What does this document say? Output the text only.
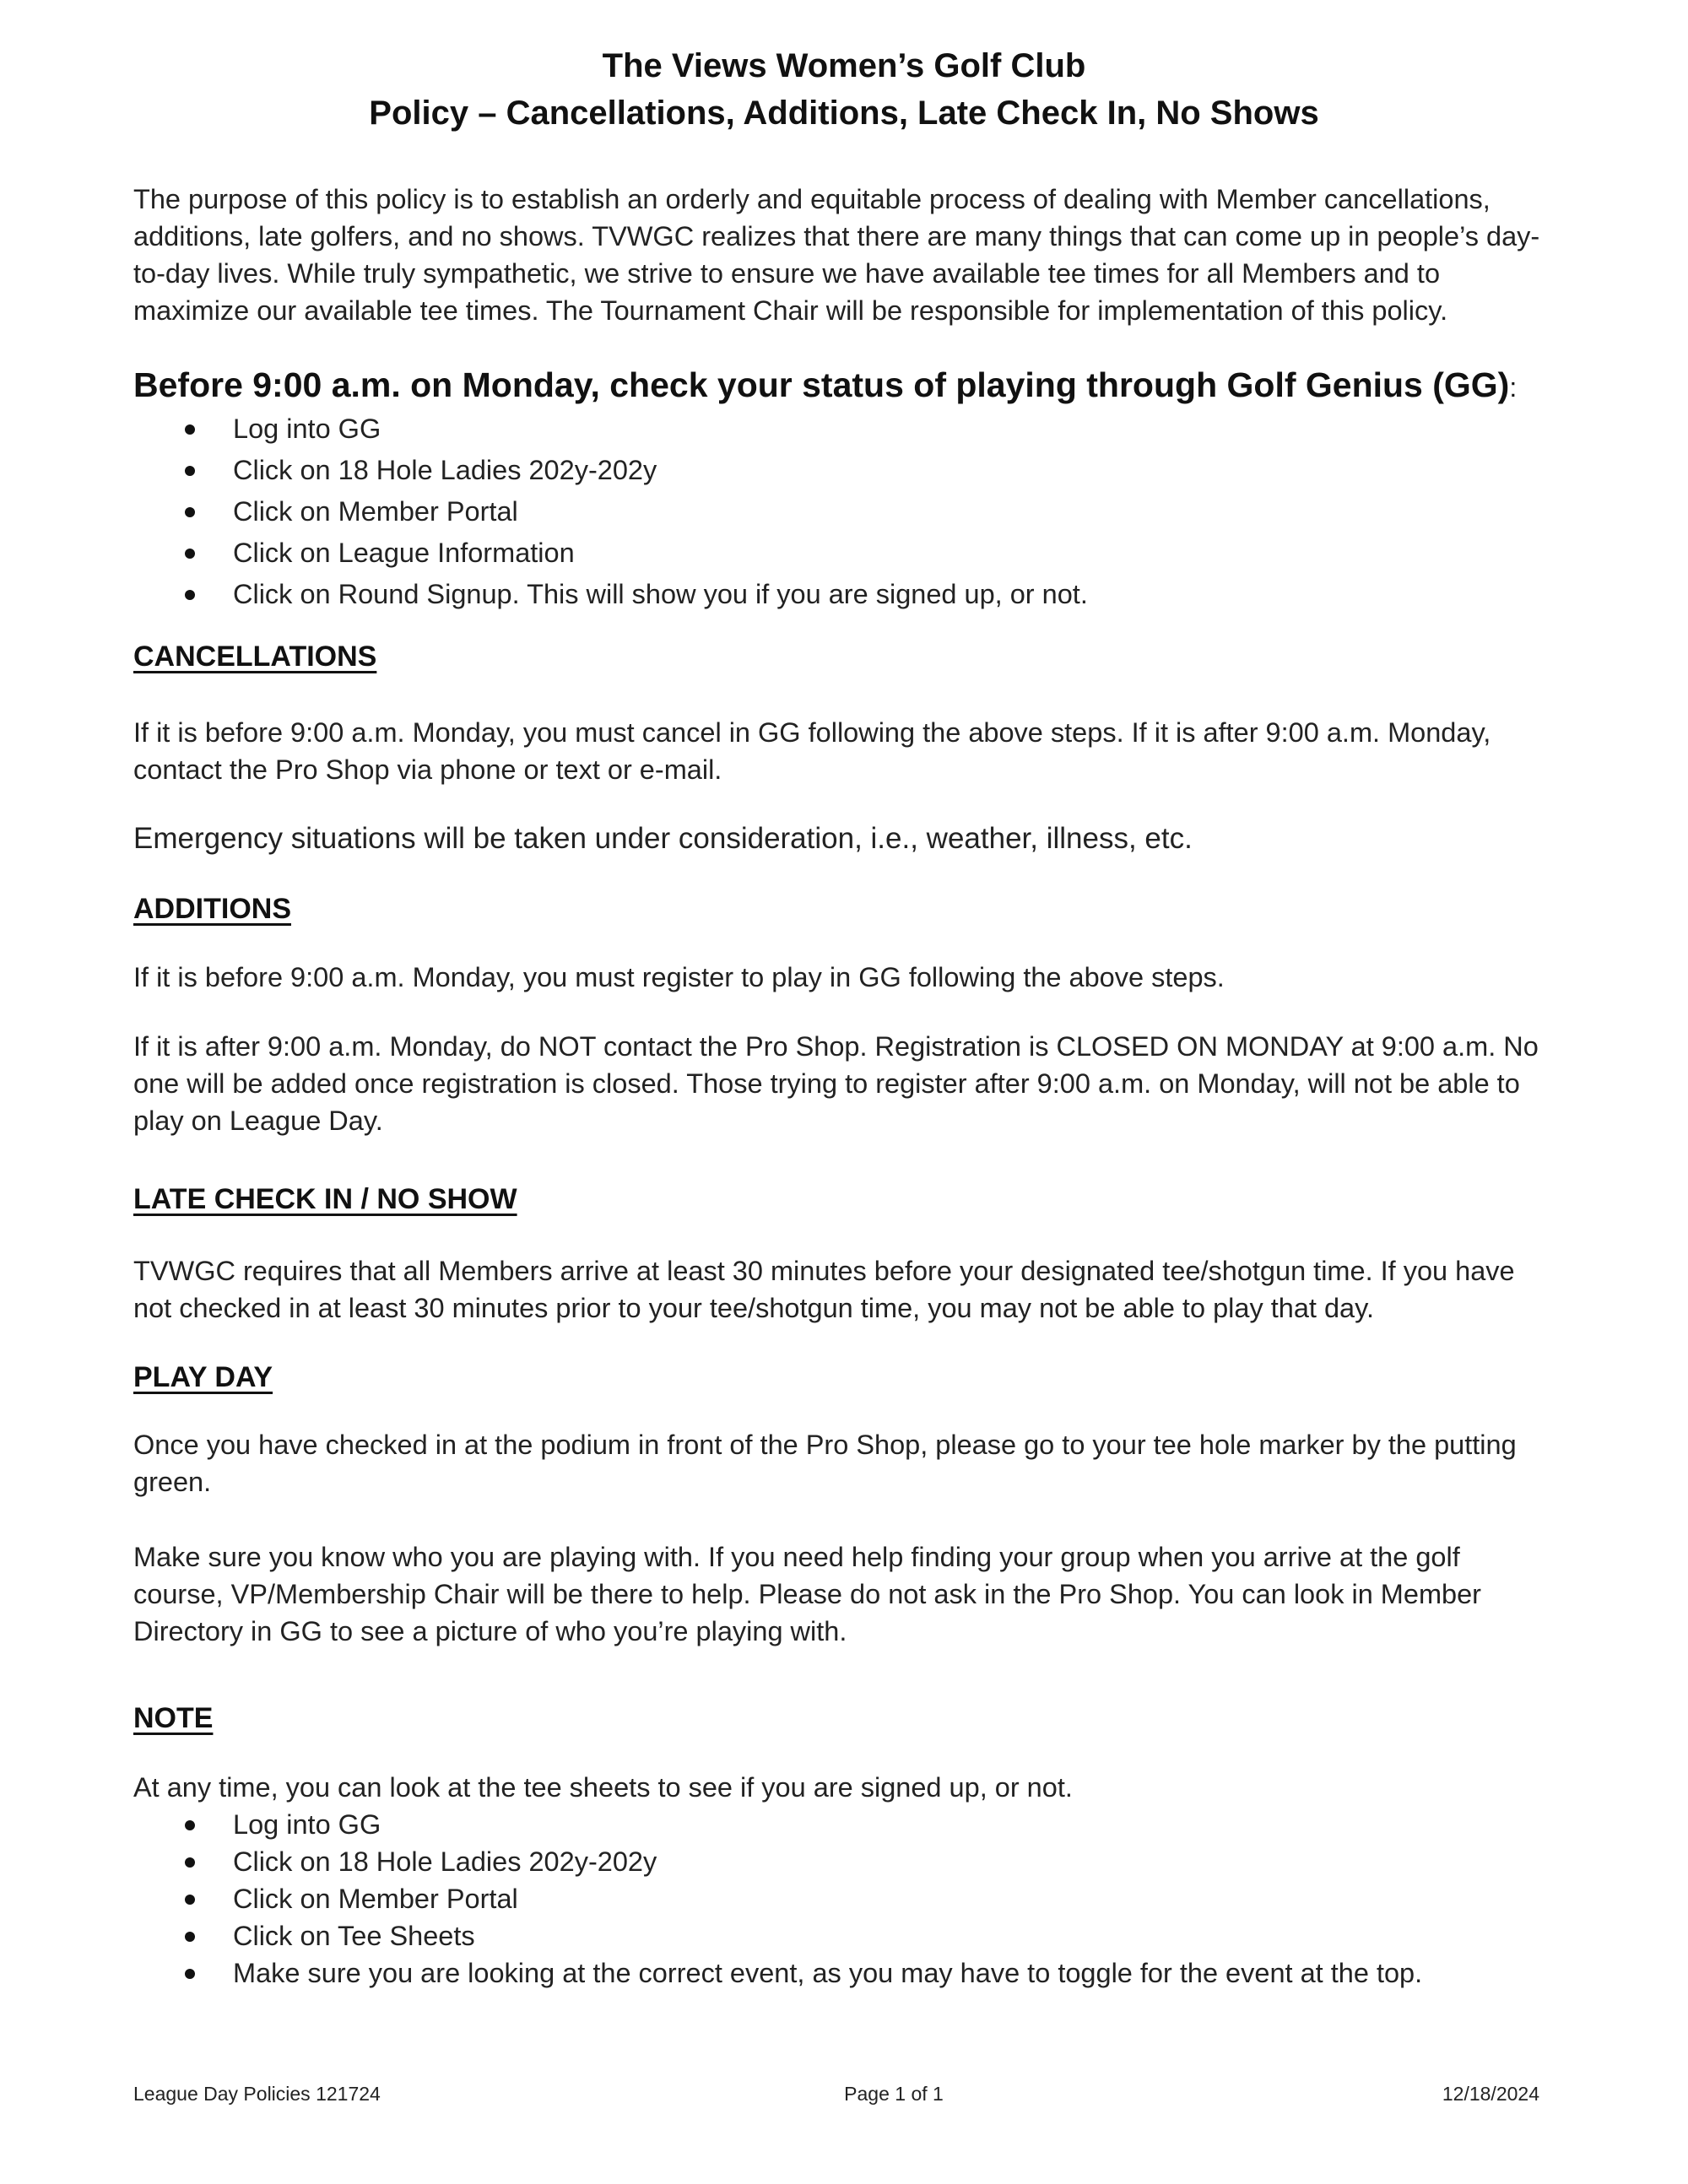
The Views Women’s Golf Club
Policy – Cancellations, Additions, Late Check In, No Shows
The purpose of this policy is to establish an orderly and equitable process of dealing with Member cancellations, additions, late golfers, and no shows. TVWGC realizes that there are many things that can come up in people’s day-to-day lives. While truly sympathetic, we strive to ensure we have available tee times for all Members and to maximize our available tee times. The Tournament Chair will be responsible for implementation of this policy.
Before 9:00 a.m. on Monday, check your status of playing through Golf Genius (GG):
Log into GG
Click on 18 Hole Ladies 202y-202y
Click on Member Portal
Click on League Information
Click on Round Signup. This will show you if you are signed up, or not.
CANCELLATIONS
If it is before 9:00 a.m. Monday, you must cancel in GG following the above steps. If it is after 9:00 a.m. Monday, contact the Pro Shop via phone or text or e-mail.
Emergency situations will be taken under consideration, i.e., weather, illness, etc.
ADDITIONS
If it is before 9:00 a.m. Monday, you must register to play in GG following the above steps.
If it is after 9:00 a.m. Monday, do NOT contact the Pro Shop. Registration is CLOSED ON MONDAY at 9:00 a.m. No one will be added once registration is closed. Those trying to register after 9:00 a.m. on Monday, will not be able to play on League Day.
LATE CHECK IN / NO SHOW
TVWGC requires that all Members arrive at least 30 minutes before your designated tee/shotgun time. If you have not checked in at least 30 minutes prior to your tee/shotgun time, you may not be able to play that day.
PLAY DAY
Once you have checked in at the podium in front of the Pro Shop, please go to your tee hole marker by the putting green.
Make sure you know who you are playing with. If you need help finding your group when you arrive at the golf course, VP/Membership Chair will be there to help. Please do not ask in the Pro Shop. You can look in Member Directory in GG to see a picture of who you’re playing with.
NOTE
At any time, you can look at the tee sheets to see if you are signed up, or not.
Log into GG
Click on 18 Hole Ladies 202y-202y
Click on Member Portal
Click on Tee Sheets
Make sure you are looking at the correct event, as you may have to toggle for the event at the top.
League Day Policies 121724	Page 1 of 1	12/18/2024
